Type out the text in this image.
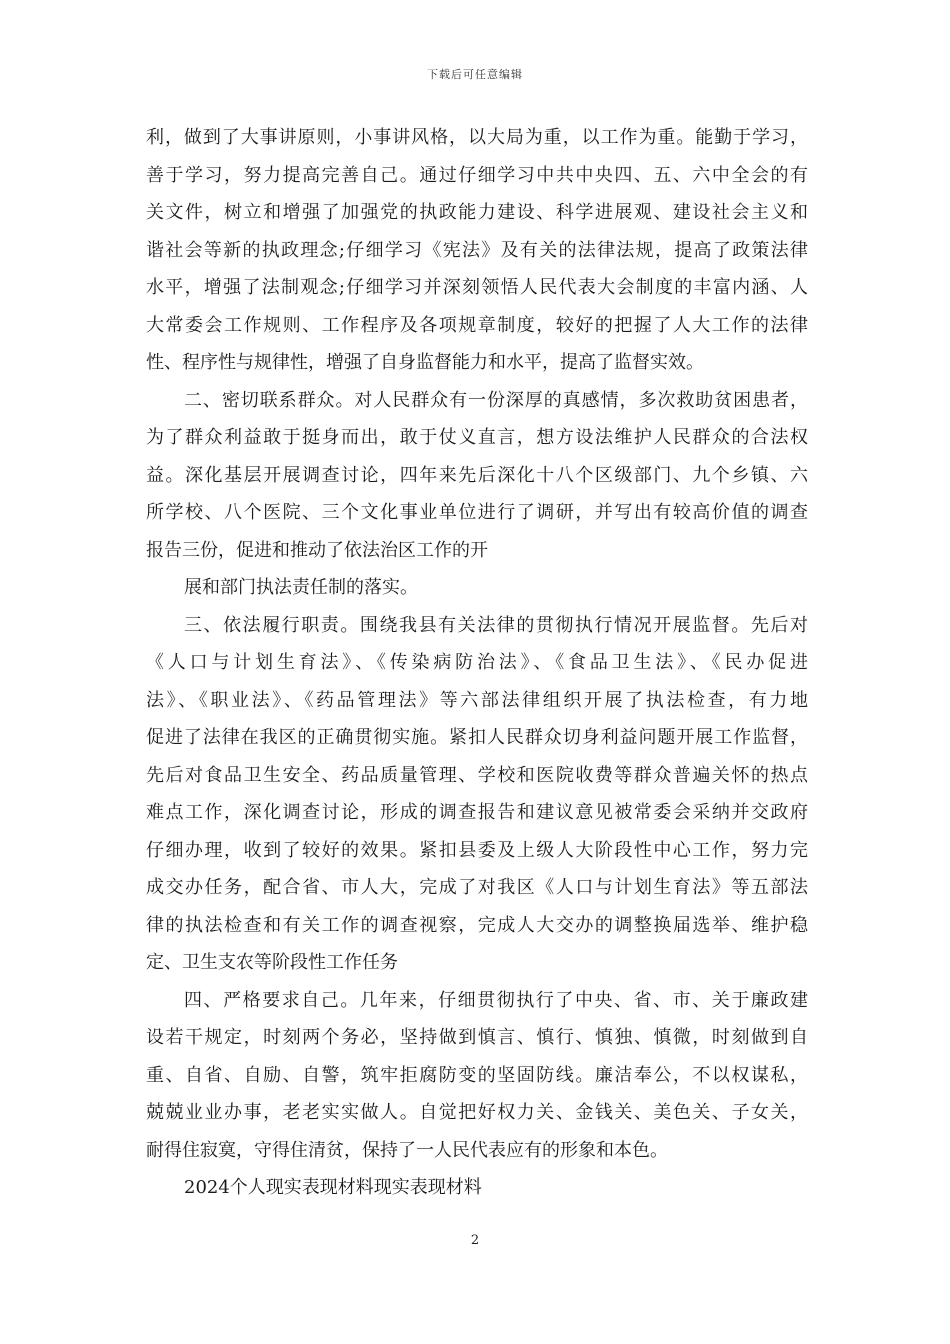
下载后可任意编辑
利，做到了大事讲原则，小事讲风格，以大局为重，以工作为重。能勤于学习，
善于学习，努力提高完善自己。通过仔细学习中共中央四、五、六中全会的有
关文件，树立和增强了加强党的执政能力建设、科学进展观、建设社会主义和
谐社会等新的执政理念;仔细学习《宪法》及有关的法律法规，提高了政策法律
水平，增强了法制观念;仔细学习并深刻领悟人民代表大会制度的丰富内涵、人
大常委会工作规则、工作程序及各项规章制度，较好的把握了人大工作的法律
性、程序性与规律性，增强了自身监督能力和水平，提高了监督实效。
二、密切联系群众。对人民群众有一份深厚的真感情，多次救助贫困患者，
为了群众利益敢于挺身而出，敢于仗义直言，想方设法维护人民群众的合法权
益。深化基层开展调查讨论，四年来先后深化十八个区级部门、九个乡镇、六
所学校、八个医院、三个文化事业单位进行了调研，并写出有较高价值的调查
报告三份，促进和推动了依法治区工作的开
展和部门执法责任制的落实。
三、依法履行职责。围绕我县有关法律的贯彻执行情况开展监督。先后对
《人口与计划生育法》、《传染病防治法》、《食品卫生法》、《民办促进
法》、《职业法》、《药品管理法》等六部法律组织开展了执法检查，有力地
促进了法律在我区的正确贯彻实施。紧扣人民群众切身利益问题开展工作监督，
先后对食品卫生安全、药品质量管理、学校和医院收费等群众普遍关怀的热点
难点工作，深化调查讨论，形成的调查报告和建议意见被常委会采纳并交政府
仔细办理，收到了较好的效果。紧扣县委及上级人大阶段性中心工作，努力完
成交办任务，配合省、市人大，完成了对我区《人口与计划生育法》等五部法
律的执法检查和有关工作的调查视察，完成人大交办的调整换届选举、维护稳
定、卫生支农等阶段性工作任务
四、严格要求自己。几年来，仔细贯彻执行了中央、省、市、关于廉政建
设若干规定，时刻两个务必，坚持做到慎言、慎行、慎独、慎微，时刻做到自
重、自省、自励、自警，筑牢拒腐防变的坚固防线。廉洁奉公，不以权谋私，
兢兢业业办事，老老实实做人。自觉把好权力关、金钱关、美色关、子女关，
耐得住寂寞，守得住清贫，保持了一人民代表应有的形象和本色。
2024个人现实表现材料现实表现材料
2
